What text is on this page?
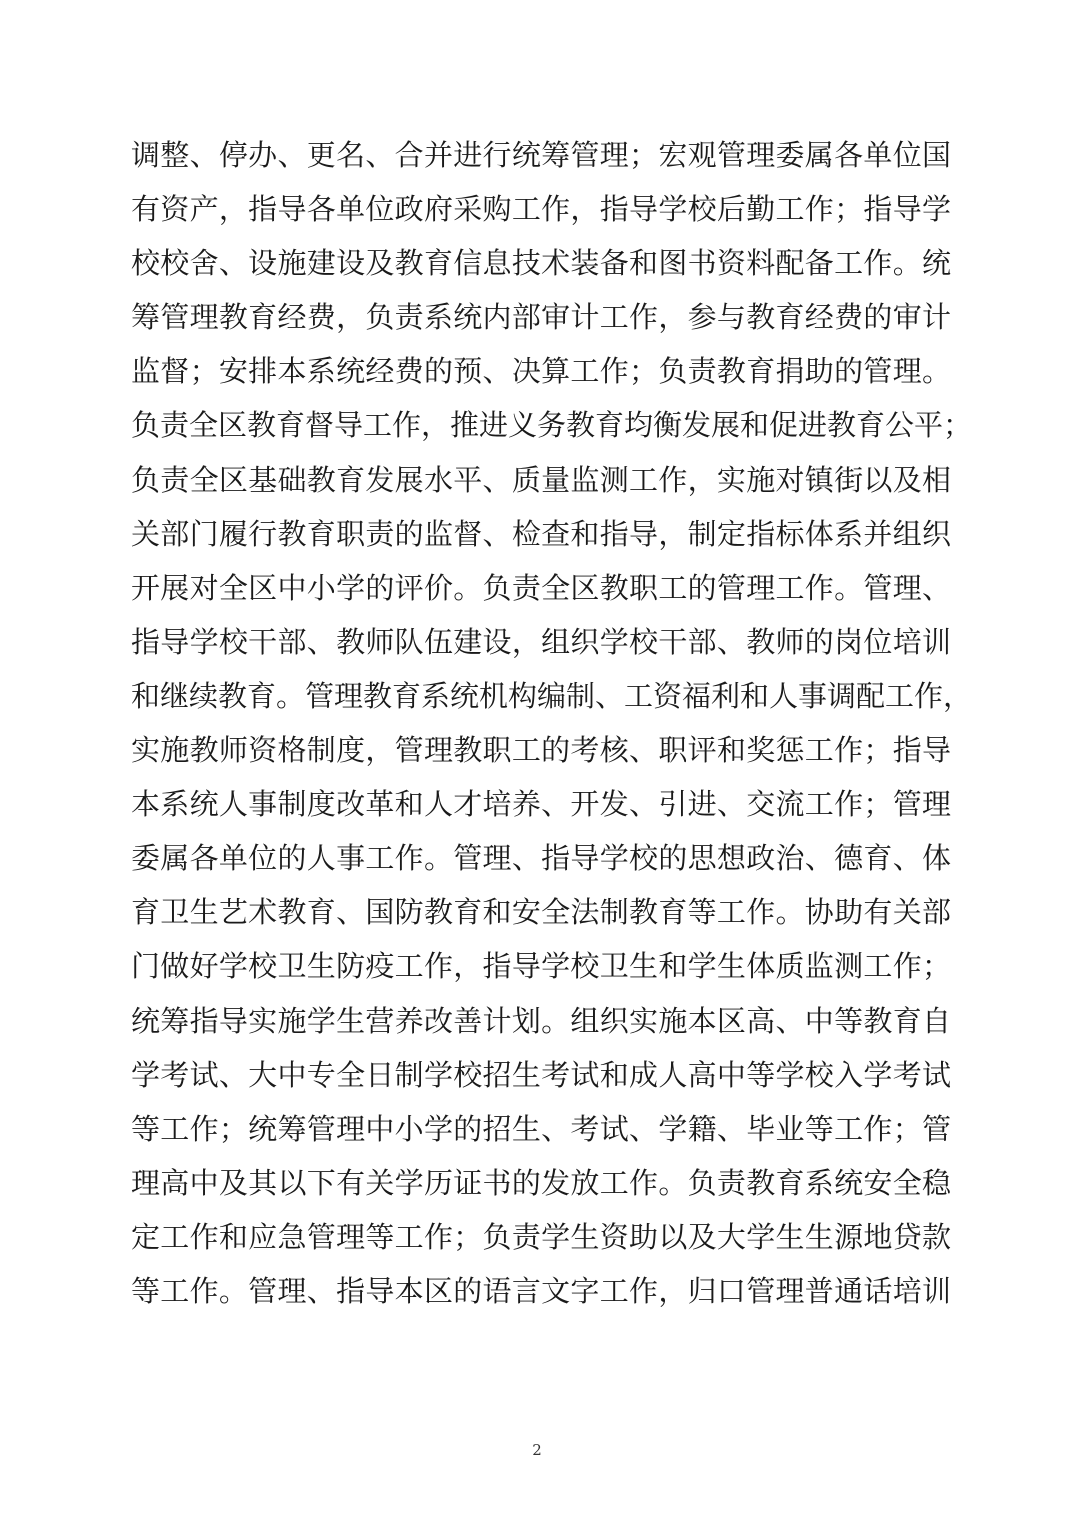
调整、停办、更名、合并进行统筹管理；宏观管理委属各单位国
有资产，指导各单位政府采购工作，指导学校后勤工作；指导学
校校舍、设施建设及教育信息技术装备和图书资料配备工作。统
筹管理教育经费，负责系统内部审计工作，参与教育经费的审计
监督；安排本系统经费的预、决算工作；负责教育捐助的管理。
负责全区教育督导工作，推进义务教育均衡发展和促进教育公平；
负责全区基础教育发展水平、质量监测工作，实施对镇街以及相
关部门履行教育职责的监督、检查和指导，制定指标体系并组织
开展对全区中小学的评价。负责全区教职工的管理工作。管理、
指导学校干部、教师队伍建设，组织学校干部、教师的岗位培训
和继续教育。管理教育系统机构编制、工资福利和人事调配工作，
实施教师资格制度，管理教职工的考核、职评和奖惩工作；指导
本系统人事制度改革和人才培养、开发、引进、交流工作；管理
委属各单位的人事工作。管理、指导学校的思想政治、德育、体
育卫生艺术教育、国防教育和安全法制教育等工作。协助有关部
门做好学校卫生防疫工作，指导学校卫生和学生体质监测工作；
统筹指导实施学生营养改善计划。组织实施本区高、中等教育自
学考试、大中专全日制学校招生考试和成人高中等学校入学考试
等工作；统筹管理中小学的招生、考试、学籍、毕业等工作；管
理高中及其以下有关学历证书的发放工作。负责教育系统安全稳
定工作和应急管理等工作；负责学生资助以及大学生生源地贷款
等工作。管理、指导本区的语言文字工作，归口管理普通话培训
2
